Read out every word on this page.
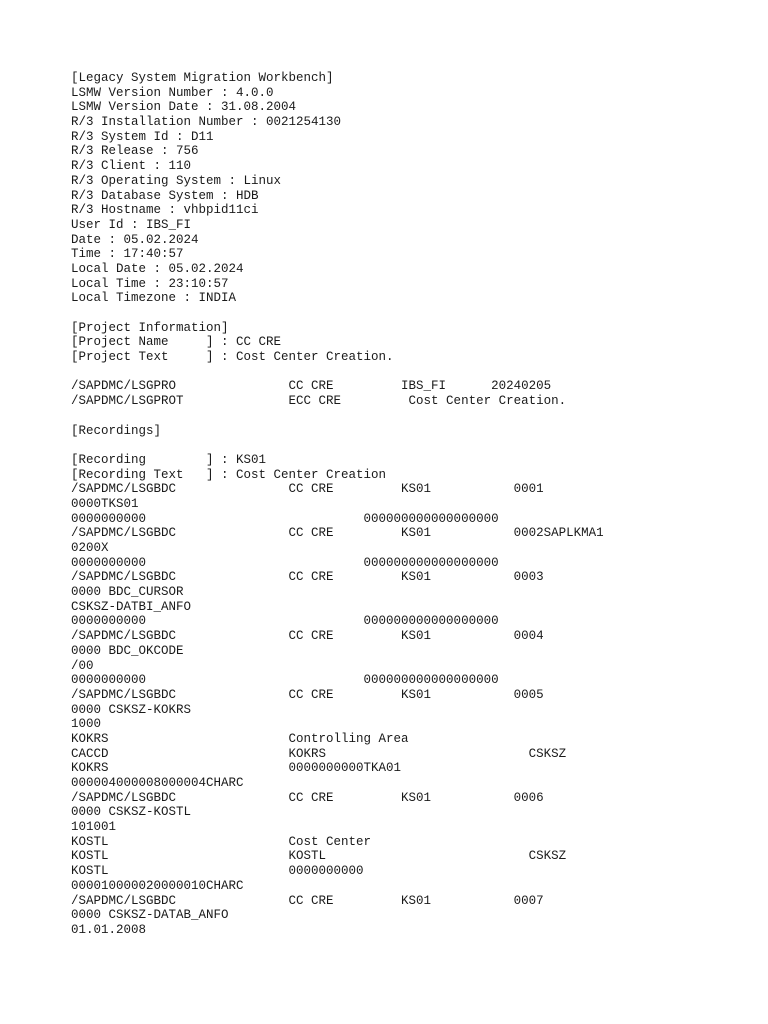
[Legacy System Migration Workbench]
LSMW Version Number : 4.0.0
LSMW Version Date : 31.08.2004
R/3 Installation Number : 0021254130
R/3 System Id : D11
R/3 Release : 756
R/3 Client : 110
R/3 Operating System : Linux
R/3 Database System : HDB
R/3 Hostname : vhbpid11ci
User Id : IBS_FI
Date : 05.02.2024
Time : 17:40:57
Local Date : 05.02.2024
Local Time : 23:10:57
Local Timezone : INDIA

[Project Information]
[Project Name     ] : CC CRE
[Project Text     ] : Cost Center Creation.

/SAPDMC/LSGPRO               CC CRE         IBS_FI      20240205
/SAPDMC/LSGPROT              ECC CRE         Cost Center Creation.

[Recordings]

[Recording        ] : KS01
[Recording Text   ] : Cost Center Creation
/SAPDMC/LSGBDC               CC CRE         KS01           0001
0000TKS01
0000000000                             000000000000000000
/SAPDMC/LSGBDC               CC CRE         KS01           0002SAPLKMA1
0200X
0000000000                             000000000000000000
/SAPDMC/LSGBDC               CC CRE         KS01           0003
0000 BDC_CURSOR
CSKSZ-DATBI_ANFO
0000000000                             000000000000000000
/SAPDMC/LSGBDC               CC CRE         KS01           0004
0000 BDC_OKCODE
/00
0000000000                             000000000000000000
/SAPDMC/LSGBDC               CC CRE         KS01           0005
0000 CSKSZ-KOKRS
1000
KOKRS                        Controlling Area
CACCD                        KOKRS                           CSKSZ
KOKRS                        0000000000TKA01
000004000008000004CHARC
/SAPDMC/LSGBDC               CC CRE         KS01           0006
0000 CSKSZ-KOSTL
101001
KOSTL                        Cost Center
KOSTL                        KOSTL                           CSKSZ
KOSTL                        0000000000
000010000020000010CHARC
/SAPDMC/LSGBDC               CC CRE         KS01           0007
0000 CSKSZ-DATAB_ANFO
01.01.2008
